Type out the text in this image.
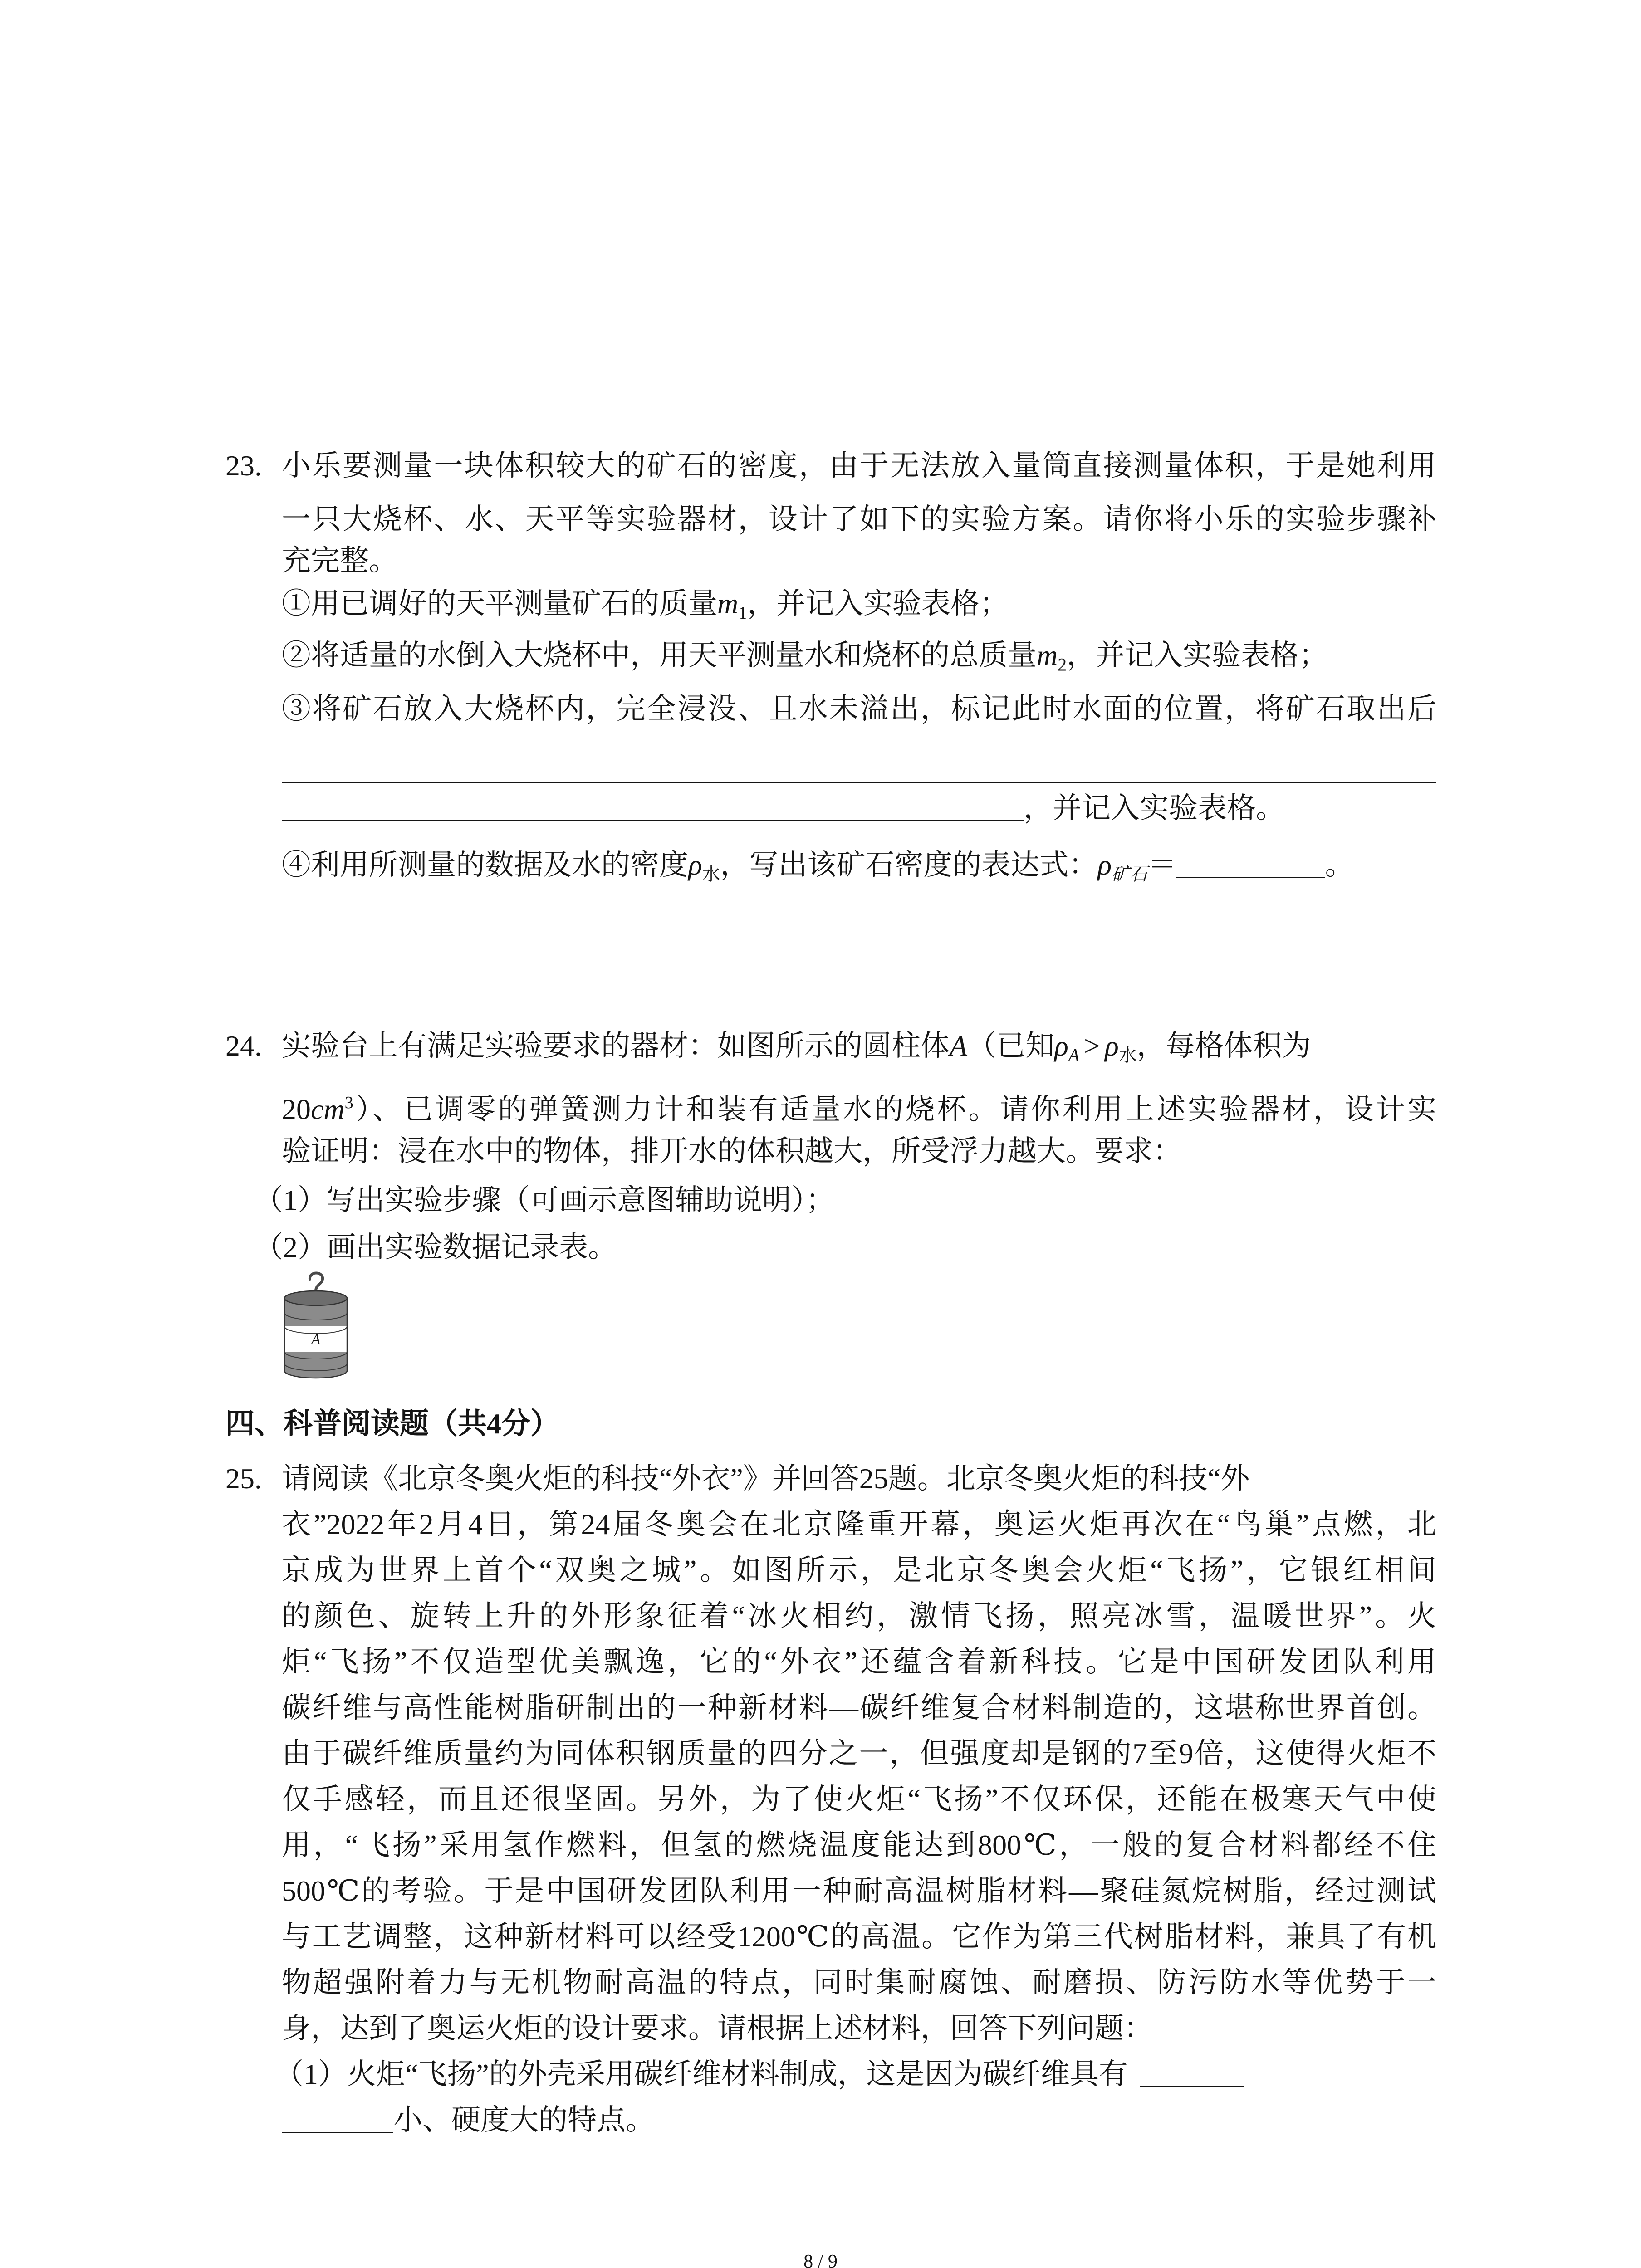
23. 小乐要测量一块体积较大的矿石的密度，由于无法放入量筒直接测量体积，于是她利用
一只大烧杯、水、天平等实验器材，设计了如下的实验方案。请你将小乐的实验步骤补
充完整。
①用已调好的天平测量矿石的质量$m_1$，并记入实验表格；
②将适量的水倒入大烧杯中，用天平测量水和烧杯的总质量$m_2$，并记入实验表格；
③将矿石放入大烧杯内，完全浸没、且水未溢出，标记此时水面的位置，将矿石取出后
，并记入实验表格。
④利用所测量的数据及水的密度$\rho_水$，写出该矿石密度的表达式：$\rho_{矿石}=$	。
24. 实验台上有满足实验要求的器材：如图所示的圆柱体A（已知$\rho_A > \rho_水$，每格体积为
$20cm^3$）、已调零的弹簧测力计和装有适量水的烧杯。请你利用上述实验器材，设计实
验证明：浸在水中的物体，排开水的体积越大，所受浮力越大。要求：
（1）写出实验步骤（可画示意图辅助说明）；
（2）画出实验数据记录表。
A
四、科普阅读题（共4分）
25. 请阅读《北京冬奥火炬的科技“外衣”》并回答25题。北京冬奥火炬的科技“外
衣”2022年2月4日，第24届冬奥会在北京隆重开幕，奥运火炬再次在“鸟巢”点燃，北
京成为世界上首个“双奥之城”。如图所示，是北京冬奥会火炬“飞扬”，它银红相间
的颜色、旋转上升的外形象征着“冰火相约，激情飞扬，照亮冰雪，温暖世界”。火
炬“飞扬”不仅造型优美飘逸，它的“外衣”还蕴含着新科技。它是中国研发团队利用
碳纤维与高性能树脂研制出的一种新材料—碳纤维复合材料制造的，这堪称世界首创。
由于碳纤维质量约为同体积钢质量的四分之一，但强度却是钢的7至9倍，这使得火炬不
仅手感轻，而且还很坚固。另外，为了使火炬“飞扬”不仅环保，还能在极寒天气中使
用，“飞扬”采用氢作燃料，但氢的燃烧温度能达到800℃，一般的复合材料都经不住
500℃的考验。于是中国研发团队利用一种耐高温树脂材料—聚硅氮烷树脂，经过测试
与工艺调整，这种新材料可以经受1200℃的高温。它作为第三代树脂材料，兼具了有机
物超强附着力与无机物耐高温的特点，同时集耐腐蚀、耐磨损、防污防水等优势于一
身，达到了奥运火炬的设计要求。请根据上述材料，回答下列问题：
（1）火炬“飞扬”的外壳采用碳纤维材料制成，这是因为碳纤维具有
小、硬度大的特点。
8 / 9
